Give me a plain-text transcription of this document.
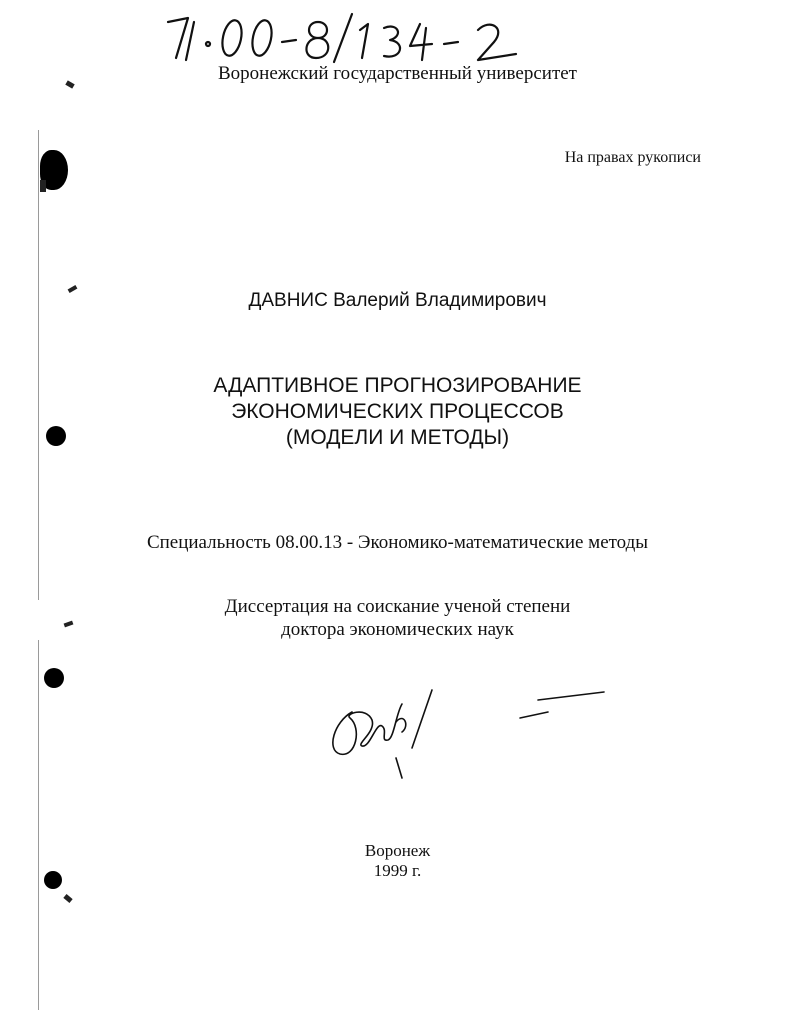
Воронежский государственный университет
На правах рукописи
ДАВНИС Валерий Владимирович
АДАПТИВНОЕ ПРОГНОЗИРОВАНИЕ
ЭКОНОМИЧЕСКИХ ПРОЦЕССОВ
(МОДЕЛИ И МЕТОДЫ)
Специальность 08.00.13 - Экономико-математические методы
Диссертация на соискание ученой степени
доктора экономических наук
Воронеж
1999 г.
